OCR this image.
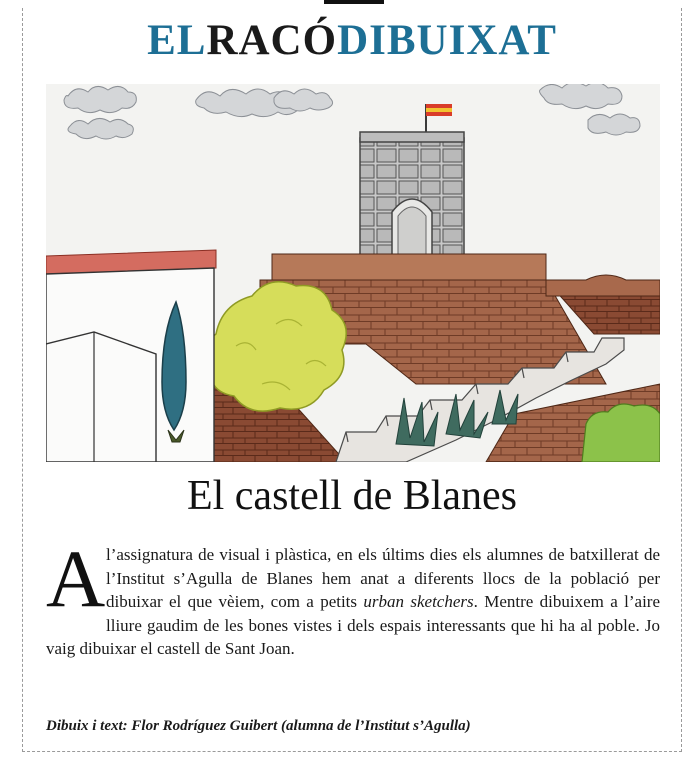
ELRACÓDIBUIXAT
El castell de Blanes

Al’assignatura de visual i plàstica, en els últims dies els alumnes de batxillerat de l’Institut s’Agulla de Blanes hem anat a diferents llocs de la població per dibuixar el que vèiem, com a petits urban sketchers. Mentre dibuixem a l’aire lliure gaudim de les bones vistes i dels espais interessants que hi ha al poble. Jo vaig dibuixar el castell de Sant Joan.

Dibuix i text: Flor Rodríguez Guibert (alumna de l’Institut s’Agulla)
